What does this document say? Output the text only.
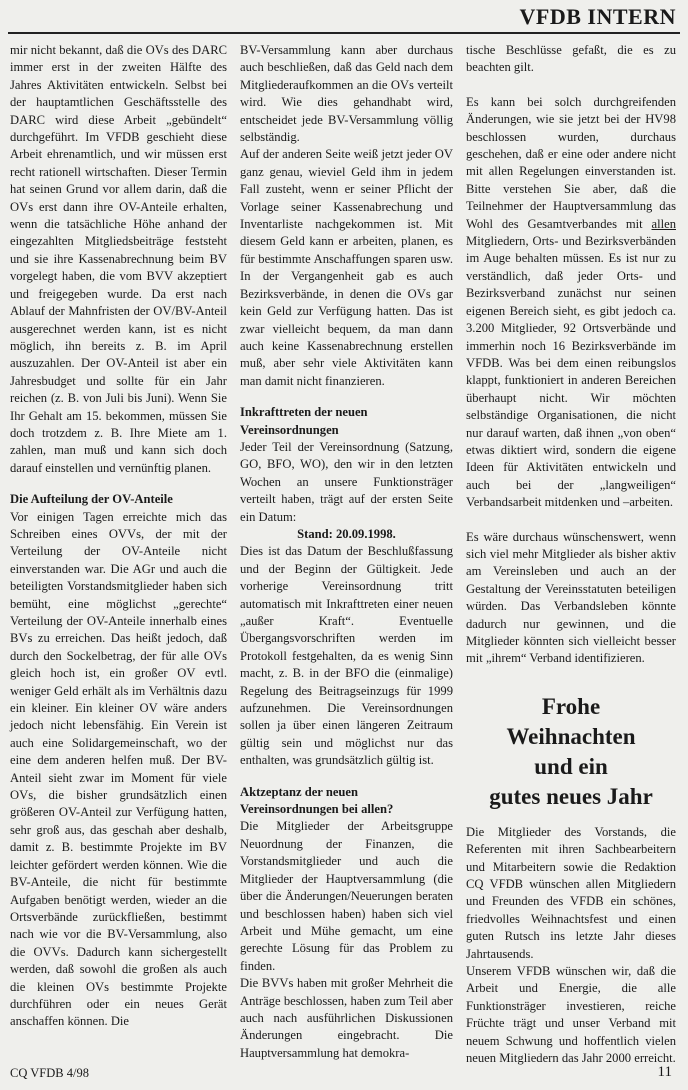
VFDB INTERN

mir nicht bekannt, daß die OVs des DARC immer erst in der zweiten Hälfte des Jahres Aktivitäten entwickeln. Selbst bei der hauptamtlichen Geschäftsstelle des DARC wird diese Arbeit „gebündelt“ durchgeführt. Im VFDB geschieht diese Arbeit ehrenamtlich, und wir müssen erst recht rationell wirtschaften. Dieser Termin hat seinen Grund vor allem darin, daß die OVs erst dann ihre OV-Anteile erhalten, wenn die tatsächliche Höhe anhand der eingezahlten Mitgliedsbeiträge feststeht und sie ihre Kassenabrechnung beim BV vorgelegt haben, die vom BVV akzeptiert und freigegeben wurde. Da erst nach Ablauf der Mahnfristen der OV/BV-Anteil ausgerechnet werden kann, ist es nicht möglich, ihn bereits z. B. im April auszuzahlen. Der OV-Anteil ist aber ein Jahresbudget und sollte für ein Jahr reichen (z. B. von Juli bis Juni). Wenn Sie Ihr Gehalt am 15. bekommen, müssen Sie doch trotzdem z. B. Ihre Miete am 1. zahlen, man muß und kann sich doch darauf einstellen und vernünftig planen.

Die Aufteilung der OV-Anteile

Vor einigen Tagen erreichte mich das Schreiben eines OVVs, der mit der Verteilung der OV-Anteile nicht einverstanden war. Die AGr und auch die beteiligten Vorstandsmitglieder haben sich bemüht, eine möglichst „gerechte“ Verteilung der OV-Anteile innerhalb eines BVs zu erreichen. Das heißt jedoch, daß durch den Sockelbetrag, der für alle OVs gleich hoch ist, ein großer OV evtl. weniger Geld erhält als im Verhältnis dazu ein kleiner. Ein kleiner OV wäre anders jedoch nicht lebensfähig. Ein Verein ist auch eine Solidargemeinschaft, wo der eine dem anderen helfen muß. Der BV-Anteil sieht zwar im Moment für viele OVs, die bisher grundsätzlich einen größeren OV-Anteil zur Verfügung hatten, sehr groß aus, das geschah aber deshalb, damit z. B. bestimmte Projekte im BV leichter gefördert werden können. Wie die BV-Anteile, die nicht für bestimmte Aufgaben benötigt werden, wieder an die Ortsverbände zurückfließen, bestimmt nach wie vor die BV-Versammlung, also die OVVs. Dadurch kann sichergestellt werden, daß sowohl die großen als auch die kleinen OVs bestimmte Projekte durchführen oder ein neues Gerät anschaffen können. Die

BV-Versammlung kann aber durchaus auch beschließen, daß das Geld nach dem Mitgliederaufkommen an die OVs verteilt wird. Wie dies gehandhabt wird, entscheidet jede BV-Versammlung völlig selbständig.

Auf der anderen Seite weiß jetzt jeder OV ganz genau, wieviel Geld ihm in jedem Fall zusteht, wenn er seiner Pflicht der Vorlage seiner Kassenabrechung und Inventarliste nachgekommen ist. Mit diesem Geld kann er arbeiten, planen, es für bestimmte Anschaffungen sparen usw. In der Vergangenheit gab es auch Bezirksverbände, in denen die OVs gar kein Geld zur Verfügung hatten. Das ist zwar vielleicht bequem, da man dann auch keine Kassenabrechnung erstellen muß, aber sehr viele Aktivitäten kann man damit nicht finanzieren.

Inkrafttreten der neuen Vereinsordnungen

Jeder Teil der Vereinsordnung (Satzung, GO, BFO, WO), den wir in den letzten Wochen an unsere Funktionsträger verteilt haben, trägt auf der ersten Seite ein Datum:

Stand: 20.09.1998.

Dies ist das Datum der Beschlußfassung und der Beginn der Gültigkeit. Jede vorherige Vereinsordnung tritt automatisch mit Inkrafttreten einer neuen „außer Kraft“. Eventuelle Übergangsvorschriften werden im Protokoll festgehalten, da es wenig Sinn macht, z. B. in der BFO die (einmalige) Regelung des Beitragseinzugs für 1999 aufzunehmen. Die Vereinsordnungen sollen ja über einen längeren Zeitraum gültig sein und möglichst nur das enthalten, was grundsätzlich gültig ist.

Aktzeptanz der neuen Vereinsordnungen bei allen?

Die Mitglieder der Arbeitsgruppe Neuordnung der Finanzen, die Vorstandsmitglieder und auch die Mitglieder der Hauptversammlung (die über die Änderungen/Neuerungen beraten und beschlossen haben) haben sich viel Arbeit und Mühe gemacht, um eine gerechte Lösung für das Problem zu finden.

Die BVVs haben mit großer Mehrheit die Anträge beschlossen, haben zum Teil aber auch nach ausführlichen Diskussionen Änderungen eingebracht. Die Hauptversammlung hat demokra-

tische Beschlüsse gefaßt, die es zu beachten gilt.

Es kann bei solch durchgreifenden Änderungen, wie sie jetzt bei der HV98 beschlossen wurden, durchaus geschehen, daß er eine oder andere nicht mit allen Regelungen einverstanden ist. Bitte verstehen Sie aber, daß die Teilnehmer der Hauptversammlung das Wohl des Gesamtverbandes mit allen Mitgliedern, Orts- und Bezirksverbänden im Auge behalten müssen. Es ist nur zu verständlich, daß jeder Orts- und Bezirksverband zunächst nur seinen eigenen Bereich sieht, es gibt jedoch ca. 3.200 Mitglieder, 92 Ortsverbände und immerhin noch 16 Bezirksverbände im VFDB. Was bei dem einen reibungslos klappt, funktioniert in anderen Bereichen überhaupt nicht. Wir möchten selbständige Organisationen, die nicht nur darauf warten, daß ihnen „von oben“ etwas diktiert wird, sondern die eigene Ideen für Aktivitäten entwickeln und auch bei der „langweiligen“ Verbandsarbeit mitdenken und –arbeiten.

Es wäre durchaus wünschenswert, wenn sich viel mehr Mitglieder als bisher aktiv am Vereinsleben und auch an der Gestaltung der Vereinsstatuten beteiligen würden. Das Verbandsleben könnte dadurch nur gewinnen, und die Mitglieder könnten sich vielleicht besser mit „ihrem“ Verband identifizieren.

Frohe
Weihnachten
und ein
gutes neues Jahr

Die Mitglieder des Vorstands, die Referenten mit ihren Sachbearbeitern und Mitarbeitern sowie die Redaktion CQ VFDB wünschen allen Mitgliedern und Freunden des VFDB ein schönes, friedvolles Weihnachtsfest und einen guten Rutsch ins letzte Jahr dieses Jahrtausends.

Unserem VFDB wünschen wir, daß die Arbeit und Energie, die alle Funktionsträger investieren, reiche Früchte trägt und unser Verband mit neuem Schwung und hoffentlich vielen neuen Mitgliedern das Jahr 2000 erreicht.

CQ VFDB 4/98	11
